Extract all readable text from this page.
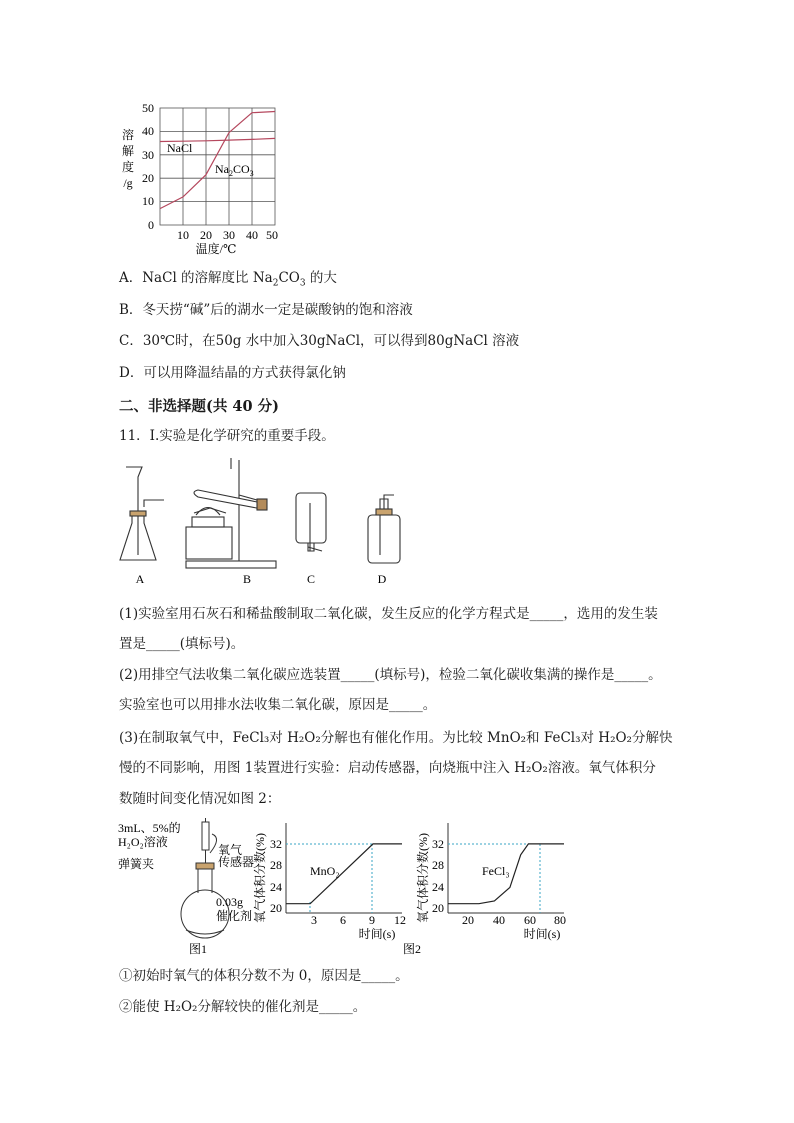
50
40
30
20
10
0
10 20 30 40 50
温度/℃
溶
解
度
/g
NaCl
$Na_2CO_3$
A．NaCl 的溶解度比 $Na_2CO_3$ 的大
B．冬天捞“碱”后的湖水一定是碳酸钠的饱和溶液
C．30℃时，在50g 水中加入30gNaCl，可以得到80gNaCl 溶液
D．可以用降温结晶的方式获得氯化钠
二、非选择题(共 40 分)
11．I.实验是化学研究的重要手段。
A	B	C	D
(1)实验室用石灰石和稀盐酸制取二氧化碳，发生反应的化学方程式是_____，选用的发生装
置是_____(填标号)。
(2)用排空气法收集二氧化碳应选装置_____(填标号)，检验二氧化碳收集满的操作是_____。
实验室也可以用排水法收集二氧化碳，原因是_____。
(3)在制取氧气中，FeCl₃对 H₂O₂分解也有催化作用。为比较 MnO₂和 FeCl₃对 H₂O₂分解快
慢的不同影响，用图 1装置进行实验：启动传感器，向烧瓶中注入 H₂O₂溶液。氧气体积分
数随时间变化情况如图 2：
3mL、5%的
H₂O₂溶液
氧气
传感器
弹簧夹
0.03g
催化剂
图1
32
28
24
20
3 6 9 12
时间(s)
MnO₂
氧气体积分数(%)	32
28
24
20
20 40 60 80
时间(s)
FeCl₃
氧气体积分数(%)
图2
①初始时氧气的体积分数不为 0，原因是_____。
②能使 H₂O₂分解较快的催化剂是_____。
